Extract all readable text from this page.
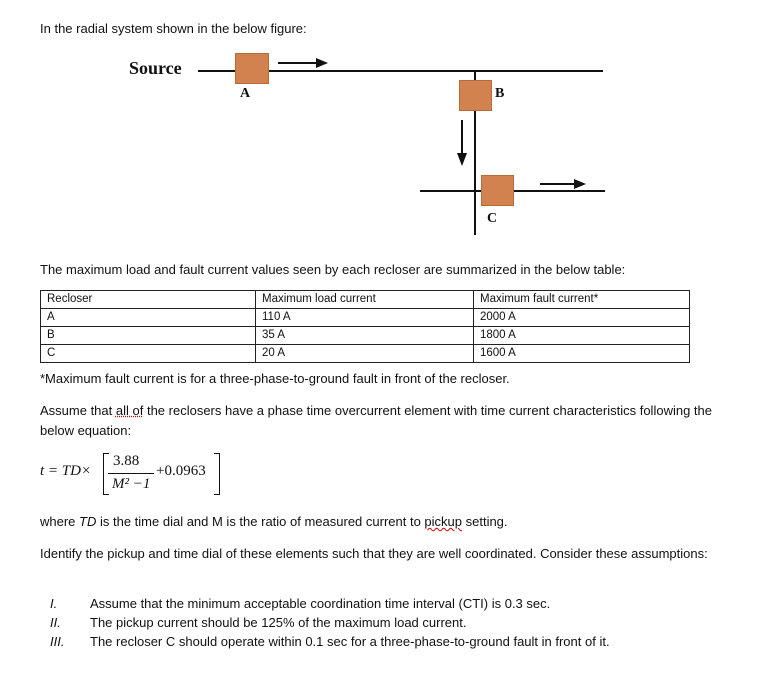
In the radial system shown in the below figure:
Source
A	B
C
The maximum load and fault current values seen by each recloser are summarized in the below table:
Recloser	Maximum load current	Maximum fault current*
A	110 A	2000 A
B	35 A	1800 A
C	20 A	1600 A
*Maximum fault current is for a three-phase-to-ground fault in front of the recloser.
Assume that all of the reclosers have a phase time overcurrent element with time current characteristics following the below equation:
t = TD×
3.88
M² −1
+0.0963
where TD is the time dial and M is the ratio of measured current to pickup setting.
Identify the pickup and time dial of these elements such that they are well coordinated. Consider these assumptions:
I.	Assume that the minimum acceptable coordination time interval (CTI) is 0.3 sec.
II. The pickup current should be 125% of the maximum load current.
III. The recloser C should operate within 0.1 sec for a three-phase-to-ground fault in front of it.
